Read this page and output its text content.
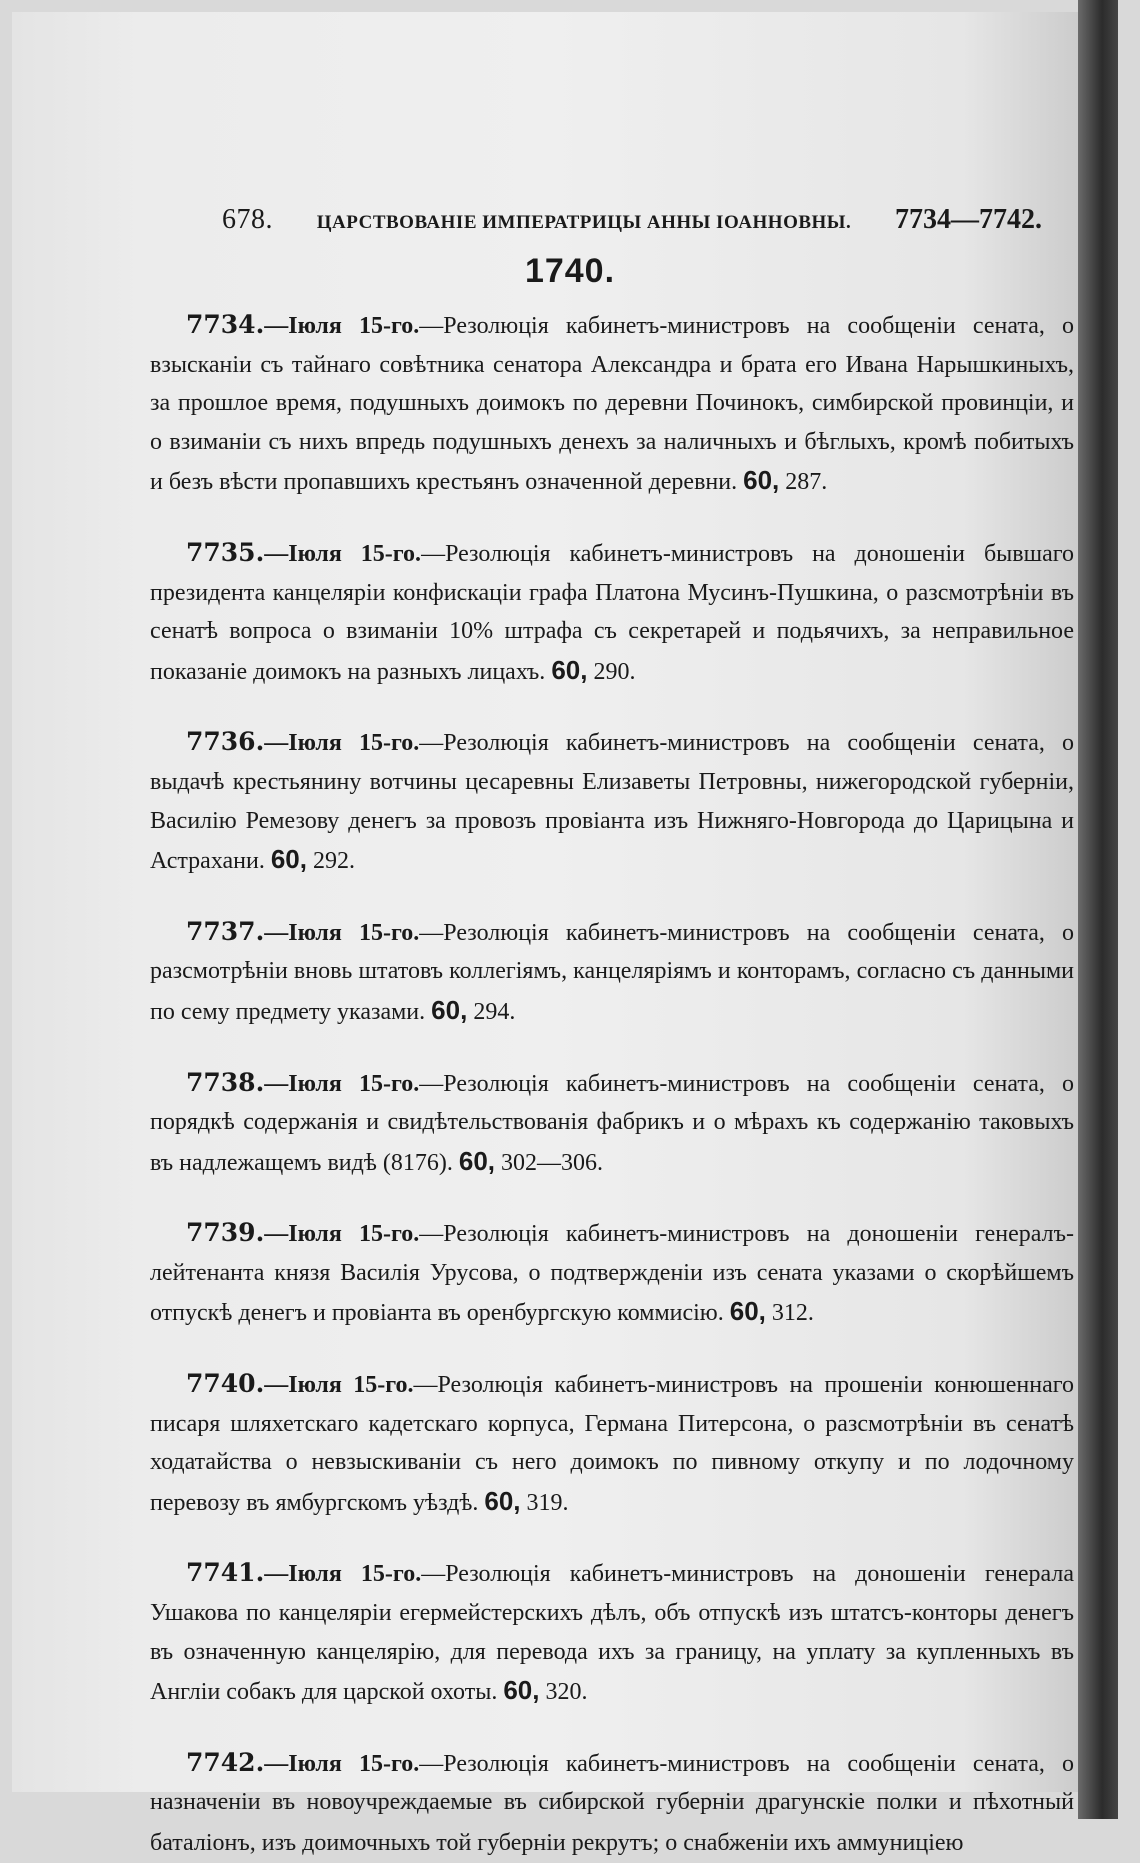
678. ЦАРСТВОВАНІЕ ИМПЕРАТРИЦЫ АННЫ ІОАННОВНЫ. 7734—7742.
1740.

7734.—Іюля 15-го.—Резолюція кабинетъ-министровъ на сообщеніи сената, о взысканіи съ тайнаго совѣтника сенатора Александра и брата его Ивана Нарышкиныхъ, за прошлое время, подушныхъ доимокъ по деревни Починокъ, симбирской провинціи, и о взиманіи съ нихъ впредь подушныхъ денехъ за наличныхъ и бѣглыхъ, кромѣ побитыхъ и безъ вѣсти пропавшихъ крестьянъ означенной деревни. 60, 287.

7735.—Іюля 15-го.—Резолюція кабинетъ-министровъ на доношеніи бывшаго президента канцеляріи конфискаціи графа Платона Мусинъ-Пушкина, о разсмотрѣніи въ сенатѣ вопроса о взиманіи 10% штрафа съ секретарей и подьячихъ, за неправильное показаніе доимокъ на разныхъ лицахъ. 60, 290.

7736.—Іюля 15-го.—Резолюція кабинетъ-министровъ на сообщеніи сената, о выдачѣ крестьянину вотчины цесаревны Елизаветы Петровны, нижегородской губерніи, Василію Ремезову денегъ за провозъ провіанта изъ Нижняго-Новгорода до Царицына и Астрахани. 60, 292.

7737.—Іюля 15-го.—Резолюція кабинетъ-министровъ на сообщеніи сената, о разсмотрѣніи вновь штатовъ коллегіямъ, канцеляріямъ и конторамъ, согласно съ данными по сему предмету указами. 60, 294.

7738.—Іюля 15-го.—Резолюція кабинетъ-министровъ на сообщеніи сената, о порядкѣ содержанія и свидѣтельствованія фабрикъ и о мѣрахъ къ содержанію таковыхъ въ надлежащемъ видѣ (8176). 60, 302—306.

7739.—Іюля 15-го.—Резолюція кабинетъ-министровъ на доношеніи генералъ-лейтенанта князя Василія Урусова, о подтвержденіи изъ сената указами о скорѣйшемъ отпускѣ денегъ и провіанта въ оренбургскую коммисію. 60, 312.

7740.—Іюля 15-го.—Резолюція кабинетъ-министровъ на прошеніи конюшеннаго писаря шляхетскаго кадетскаго корпуса, Германа Питерсона, о разсмотрѣніи въ сенатѣ ходатайства о невзыскиваніи съ него доимокъ по пивному откупу и по лодочному перевозу въ ямбургскомъ уѣздѣ. 60, 319.

7741.—Іюля 15-го.—Резолюція кабинетъ-министровъ на доношеніи генерала Ушакова по канцеляріи егермейстерскихъ дѣлъ, объ отпускѣ изъ штатсъ-конторы денегъ въ означенную канцелярію, для перевода ихъ за границу, на уплату за купленныхъ въ Англіи собакъ для царской охоты. 60, 320.

7742.—Іюля 15-го.—Резолюція кабинетъ-министровъ на сообщеніи сената, о назначеніи въ новоучреждаемые въ сибирской губерніи драгунскіе полки и пѣхотный баталіонъ, изъ доимочныхъ той губерніи рекрутъ; о снабженіи ихъ аммуниціею
